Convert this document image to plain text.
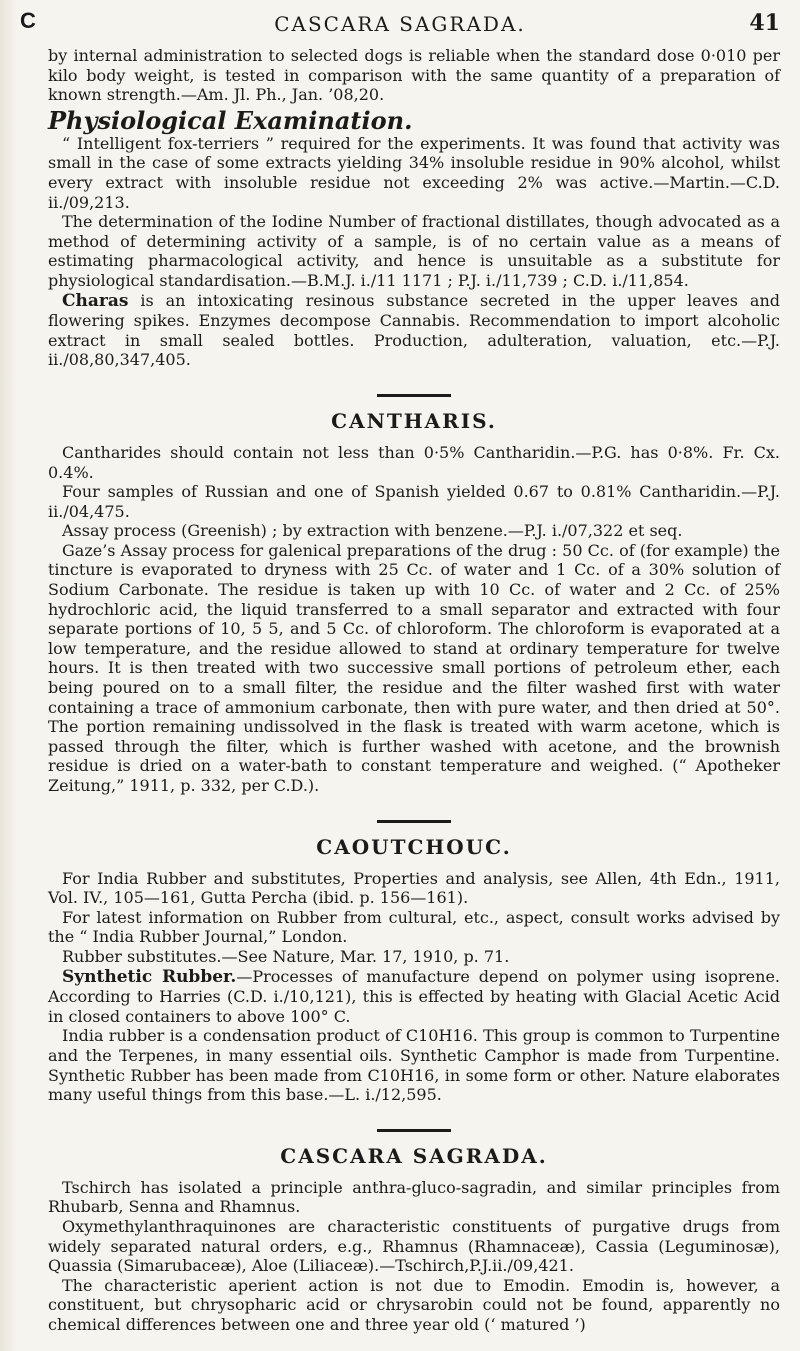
C	CASCARA SAGRADA.	41

by internal administration to selected dogs is reliable when the standard dose 0·010 per kilo body weight, is tested in comparison with the same quantity of a preparation of known strength.—Am. Jl. Ph., Jan. ’08,20.

Physiological Examination.

“ Intelligent fox-terriers ” required for the experiments. It was found that activity was small in the case of some extracts yielding 34% insoluble residue in 90% alcohol, whilst every extract with insoluble residue not exceeding 2% was active.—Martin.—C.D. ii./09,213.

The determination of the Iodine Number of fractional distillates, though advocated as a method of determining activity of a sample, is of no certain value as a means of estimating pharmacological activity, and hence is unsuitable as a substitute for physiological standardisation.—B.M.J. i./11 1171 ; P.J. i./11,739 ; C.D. i./11,854.

Charas is an intoxicating resinous substance secreted in the upper leaves and flowering spikes. Enzymes decompose Cannabis. Recommendation to import alcoholic extract in small sealed bottles. Production, adulteration, valuation, etc.—P.J. ii./08,80,347,405.

CANTHARIS.

Cantharides should contain not less than 0·5% Cantharidin.—P.G. has 0·8%. Fr. Cx. 0.4%.

Four samples of Russian and one of Spanish yielded 0.67 to 0.81% Cantharidin.—P.J. ii./04,475.

Assay process (Greenish) ; by extraction with benzene.—P.J. i./07,322 et seq.

Gaze’s Assay process for galenical preparations of the drug : 50 Cc. of (for example) the tincture is evaporated to dryness with 25 Cc. of water and 1 Cc. of a 30% solution of Sodium Carbonate. The residue is taken up with 10 Cc. of water and 2 Cc. of 25% hydrochloric acid, the liquid transferred to a small separator and extracted with four separate portions of 10, 5 5, and 5 Cc. of chloroform. The chloroform is evaporated at a low temperature, and the residue allowed to stand at ordinary temperature for twelve hours. It is then treated with two successive small portions of petroleum ether, each being poured on to a small filter, the residue and the filter washed first with water containing a trace of ammonium carbonate, then with pure water, and then dried at 50°. The portion remaining undissolved in the flask is treated with warm acetone, which is passed through the filter, which is further washed with acetone, and the brownish residue is dried on a water-bath to constant temperature and weighed. (“ Apotheker Zeitung,” 1911, p. 332, per C.D.).

CAOUTCHOUC.

For India Rubber and substitutes, Properties and analysis, see Allen, 4th Edn., 1911, Vol. IV., 105—161, Gutta Percha (ibid. p. 156—161).

For latest information on Rubber from cultural, etc., aspect, consult works advised by the “ India Rubber Journal,” London.

Rubber substitutes.—See Nature, Mar. 17, 1910, p. 71.

Synthetic Rubber.—Processes of manufacture depend on polymer using isoprene. According to Harries (C.D. i./10,121), this is effected by heating with Glacial Acetic Acid in closed containers to above 100° C.

India rubber is a condensation product of C10H16. This group is common to Turpentine and the Terpenes, in many essential oils. Synthetic Camphor is made from Turpentine. Synthetic Rubber has been made from C10H16, in some form or other. Nature elaborates many useful things from this base.—L. i./12,595.

CASCARA SAGRADA.

Tschirch has isolated a principle anthra-gluco-sagradin, and similar principles from Rhubarb, Senna and Rhamnus.

Oxymethylanthraquinones are characteristic constituents of purgative drugs from widely separated natural orders, e.g., Rhamnus (Rhamnaceæ), Cassia (Leguminosæ), Quassia (Simarubaceæ), Aloe (Liliaceæ).—Tschirch,P.J.ii./09,421.

The characteristic aperient action is not due to Emodin. Emodin is, however, a constituent, but chrysopharic acid or chrysarobin could not be found, apparently no chemical differences between one and three year old (‘ matured ’)
